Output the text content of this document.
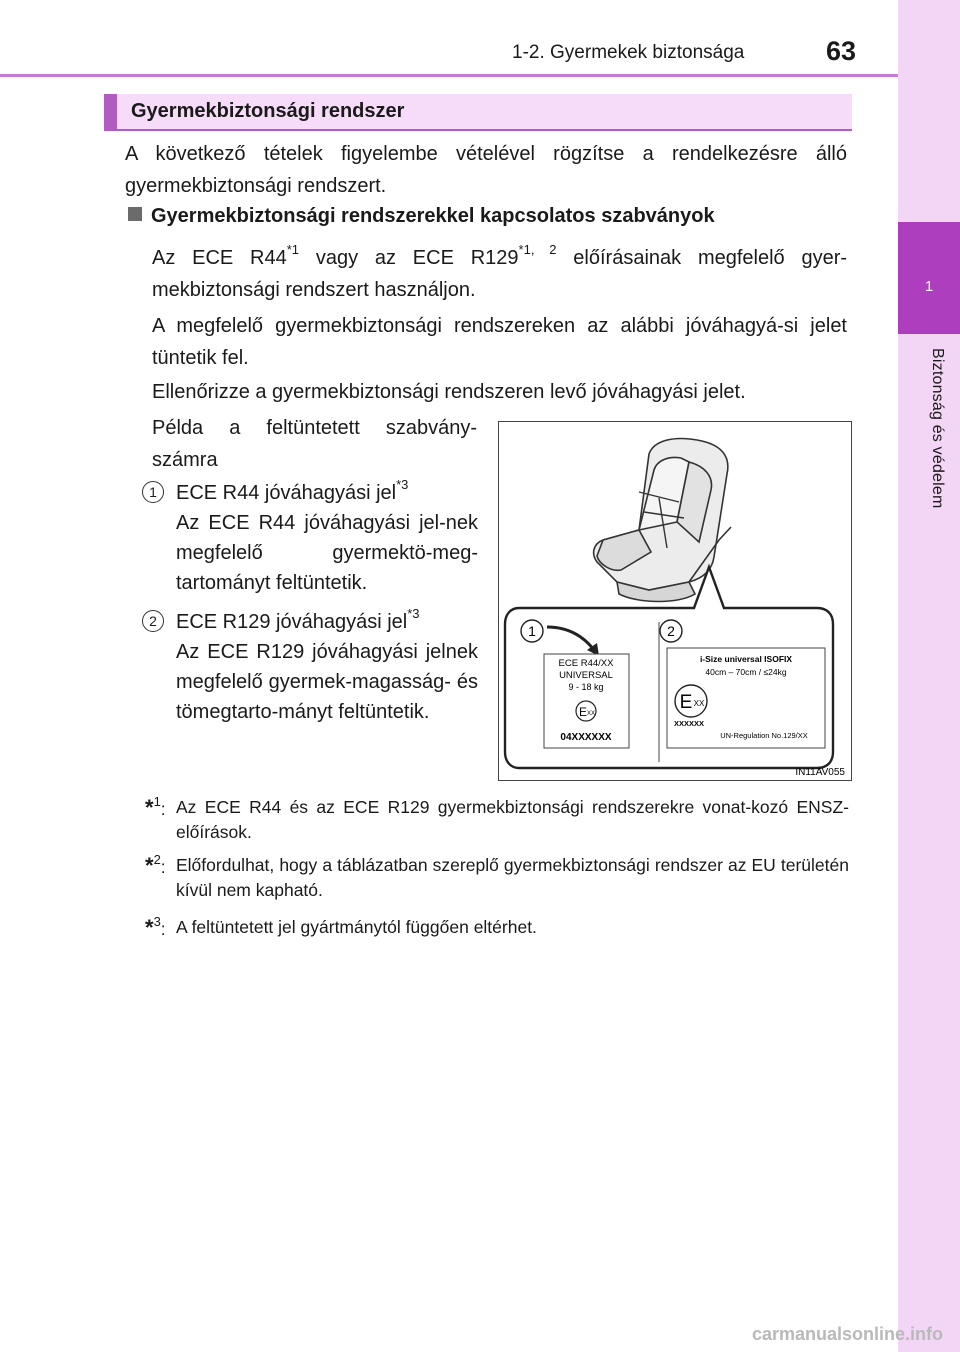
1-2. Gyermekek biztonsága	63
1
Biztonság és védelem
Gyermekbiztonsági rendszer
A következő tételek figyelembe vételével rögzítse a rendelkezésre álló gyermekbiztonsági rendszert.
Gyermekbiztonsági rendszerekkel kapcsolatos szabványok
Az ECE R44$^{*1}$ vagy az ECE R129$^{*1, 2}$ előírásainak megfelelő gyer-mekbiztonsági rendszert használjon.
A megfelelő gyermekbiztonsági rendszereken az alábbi jóváhagyá-si jelet tüntetik fel.
Ellenőrizze a gyermekbiztonsági rendszeren levő jóváhagyási jelet.
Példa a feltüntetett szabvány-számra
1 ECE R44 jóváhagyási jel$^{*3}$
Az ECE R44 jóváhagyási jel-nek megfelelő gyermektö-meg-tartományt feltüntetik.
2 ECE R129 jóváhagyási jel$^{*3}$
Az ECE R129 jóváhagyási jelnek megfelelő gyermek-magasság- és tömegtarto-mányt feltüntetik.
1	2
ECE R44/XX
UNIVERSAL
9 - 18 kg
E XX
04XXXXXX
i-Size universal ISOFIX
40cm – 70cm / ≤24kg
E XX
XXXXXX
UN-Regulation No.129/XX
IN11AV055
*$^1$: Az ECE R44 és az ECE R129 gyermekbiztonsági rendszerekre vonat-kozó ENSZ-előírások.
*$^2$: Előfordulhat, hogy a táblázatban szereplő gyermekbiztonsági rendszer az EU területén kívül nem kapható.
*$^3$: A feltüntetett jel gyártmánytól függően eltérhet.
carmanualsonline.info
